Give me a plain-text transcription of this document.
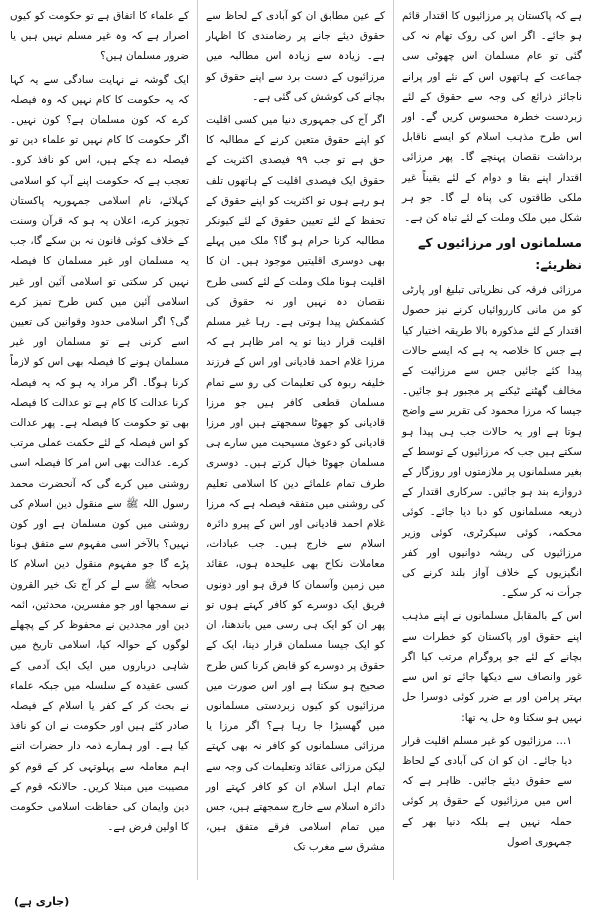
ہے کہ پاکستان پر مرزائیوں کا اقتدار قائم ہو جائے۔ اگر اس کی روک تھام نہ کی گئی تو عام مسلمان اس چھوٹی سی جماعت کے ہاتھوں اس کے نئے اور پرانے ناجائز ذرائع کی وجہ سے حقوق کے لئے زبردست خطرہ محسوس کریں گے۔ اور اس طرح مذہب اسلام کو ایسے ناقابل برداشت نقصان پہنچے گا۔ پھر مرزائی اقتدار اپنے بقا و دوام کے لئے یقیناً غیر ملکی طاقتوں کی پناہ لے گا۔ جو ہر شکل میں ملک وملت کے لئے تباہ کن ہے۔

مسلمانوں اور مرزائیوں کے نظریئے:

مرزائی فرقہ کی نظریاتی تبلیغ اور پارٹی کو من مانی کارروائیاں کرنے نیز حصول اقتدار کے لئے مذکورہ بالا طریقہ اختیار کیا ہے جس کا خلاصہ یہ ہے کہ ایسے حالات پیدا کئے جائیں جس سے مرزائیت کے مخالف گھٹنے ٹیکنے پر مجبور ہو جائیں۔ جیسا کہ مرزا محمود کی تقریر سے واضح ہوتا ہے اور یہ حالات جب ہی پیدا ہو سکتے ہیں جب کہ مرزائیوں کے توسط کے بغیر مسلمانوں پر ملازمتوں اور روزگار کے دروازے بند ہو جائیں۔ سرکاری اقتدار کے ذریعہ مسلمانوں کو دبا دیا جائے۔ کوئی محکمہ، کوئی سیکرٹری، کوئی وزیر مرزائیوں کی ریشہ دوانیوں اور کفر انگیزیوں کے خلاف آواز بلند کرنے کی جرأت نہ کر سکے۔

اس کے بالمقابل مسلمانوں نے اپنے مذہب اپنے حقوق اور پاکستان کو خطرات سے بچانے کے لئے جو پروگرام مرتب کیا اگر غور وانصاف سے دیکھا جائے تو اس سے بہتر پرامن اور بے ضرر کوئی دوسرا حل نہیں ہو سکتا وہ حل یہ تھا:

۱… مرزائیوں کو غیر مسلم اقلیت قرار دیا جائے۔ ان کو ان کی آبادی کے لحاظ سے حقوق دیئے جائیں۔ ظاہر ہے کہ اس میں مرزائیوں کے حقوق پر کوئی حملہ نہیں ہے بلکہ دنیا بھر کے جمہوری اصول

کے عین مطابق ان کو آبادی کے لحاظ سے حقوق دیئے جانے پر رضامندی کا اظہار ہے۔ زیادہ سے زیادہ اس مطالبہ میں مرزائیوں کے دست برد سے اپنے حقوق کو بچانے کی کوشش کی گئی ہے۔

اگر آج کی جمہوری دنیا میں کسی اقلیت کو اپنے حقوق متعین کرنے کے مطالبہ کا حق ہے تو جب ۹۹ فیصدی اکثریت کے حقوق ایک فیصدی اقلیت کے ہاتھوں تلف ہو رہے ہوں تو اکثریت کو اپنے حقوق کے تحفظ کے لئے تعیین حقوق کے لئے کیونکر مطالبہ کرنا حرام ہو گا؟ ملک میں پہلے بھی دوسری اقلیتیں موجود ہیں۔ ان کا اقلیت ہونا ملک وملت کے لئے کسی طرح نقصان دہ نہیں اور نہ حقوق کی کشمکش پیدا ہوتی ہے۔ رہا غیر مسلم اقلیت قرار دینا تو یہ امر ظاہر ہے کہ مرزا غلام احمد قادیانی اور اس کے فرزند خلیفہ ربوہ کی تعلیمات کی رو سے تمام مسلمان قطعی کافر ہیں جو مرزا قادیانی کو جھوٹا سمجھتے ہیں اور مرزا قادیانی کو دعویٰ مسیحیت میں سارے ہی مسلمان جھوٹا خیال کرتے ہیں۔ دوسری طرف تمام علمائے دین کا اسلامی تعلیم کی روشنی میں متفقہ فیصلہ ہے کہ مرزا غلام احمد قادیانی اور اس کے پیرو دائرہ اسلام سے خارج ہیں۔ جب عبادات، معاملات نکاح بھی علیحدہ ہوں، عقائد میں زمین وآسمان کا فرق ہو اور دونوں فریق ایک دوسرے کو کافر کہتے ہوں تو پھر ان کو ایک ہی رسی میں باندھنا، ان کو ایک جیسا مسلمان قرار دینا، ایک کے حقوق پر دوسرے کو قابض کرنا کس طرح صحیح ہو سکتا ہے اور اس صورت میں مرزائیوں کو کیوں زبردستی مسلمانوں میں گھسیڑا جا رہا ہے؟ اگر مرزا یا مرزائی مسلمانوں کو کافر نہ بھی کہتے لیکن مرزائی عقائد وتعلیمات کی وجہ سے تمام اہل اسلام ان کو کافر کہتے اور دائرہ اسلام سے خارج سمجھتے ہیں، جس میں تمام اسلامی فرقے متفق ہیں، مشرق سے مغرب تک

کے علماء کا اتفاق ہے تو حکومت کو کیوں اصرار ہے کہ وہ غیر مسلم نہیں ہیں یا ضرور مسلمان ہیں؟

ایک گوشہ نے نہایت سادگی سے یہ کہا کہ یہ حکومت کا کام نہیں کہ وہ فیصلہ کرے کہ کون مسلمان ہے؟ کون نہیں۔ اگر حکومت کا کام نہیں تو علماء دین تو فیصلہ دے چکے ہیں، اس کو نافذ کرو۔ تعجب ہے کہ حکومت اپنے آپ کو اسلامی کہلائے، نام اسلامی جمہوریہ پاکستان تجویز کرے، اعلان یہ ہو کہ قرآن وسنت کے خلاف کوئی قانون نہ بن سکے گا، جب یہ مسلمان اور غیر مسلمان کا فیصلہ نہیں کر سکتی تو اسلامی آئین اور غیر اسلامی آئین میں کس طرح تمیز کرے گی؟ اگر اسلامی حدود وقوانین کی تعیین اسے کرنی ہے تو مسلمان اور غیر مسلمان ہونے کا فیصلہ بھی اس کو لازماً کرنا ہوگا۔ اگر مراد یہ ہو کہ یہ فیصلہ کرنا عدالت کا کام ہے تو عدالت کا فیصلہ بھی تو حکومت کا فیصلہ ہے۔ پھر عدالت کو اس فیصلہ کے لئے حکمت عملی مرتب کرے۔ عدالت بھی اس امر کا فیصلہ اسی روشنی میں کرے گی کہ آنحضرت محمد رسول اللہ ﷺ سے منقول دین اسلام کی روشنی میں کون مسلمان ہے اور کون نہیں؟ بالآخر اسی مفہوم سے متفق ہونا پڑے گا جو مفہوم منقول دین اسلام کا صحابہ ﷺ سے لے کر آج تک خیر القرون نے سمجھا اور جو مفسرین، محدثین، ائمہ دین اور مجددین نے محفوظ کر کے پچھلے لوگوں کے حوالہ کیا، اسلامی تاریخ میں شاہی درباروں میں ایک ایک آدمی کے کسی عقیدہ کے سلسلہ میں جبکہ علماء نے بحث کر کے کفر یا اسلام کے فیصلہ صادر کئے ہیں اور حکومت نے ان کو نافذ کیا ہے۔ اور ہمارے ذمہ دار حضرات اتنے اہم معاملہ سے پہلوتہی کر کے قوم کو مصیبت میں مبتلا کریں۔ حالانکہ قوم کے دین وایمان کی حفاظت اسلامی حکومت کا اولین فرض ہے۔

(جاری ہے)
